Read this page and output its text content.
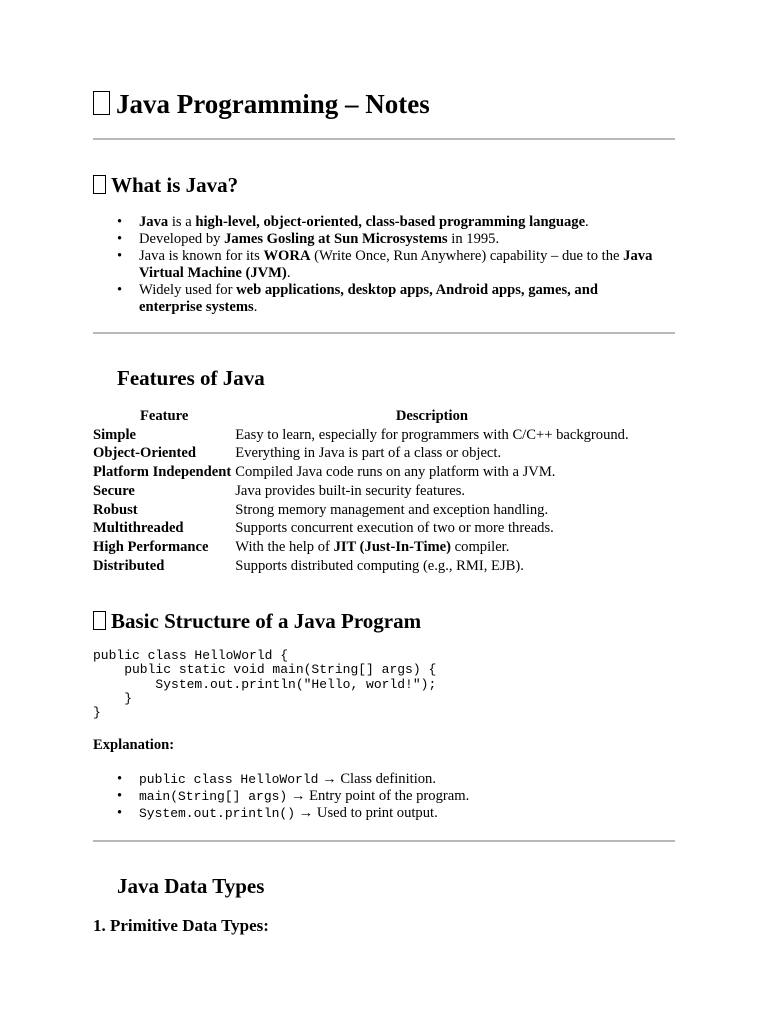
Java Programming – Notes
What is Java?
• Java is a high-level, object-oriented, class-based programming language.
• Developed by James Gosling at Sun Microsystems in 1995.
• Java is known for its WORA (Write Once, Run Anywhere) capability – due to the Java Virtual Machine (JVM).
• Widely used for web applications, desktop apps, Android apps, games, and enterprise systems.
Features of Java
Feature	Description
Simple	Easy to learn, especially for programmers with C/C++ background.
Object-Oriented	Everything in Java is part of a class or object.
Platform Independent	Compiled Java code runs on any platform with a JVM.
Secure	Java provides built-in security features.
Robust	Strong memory management and exception handling.
Multithreaded	Supports concurrent execution of two or more threads.
High Performance	With the help of JIT (Just-In-Time) compiler.
Distributed	Supports distributed computing (e.g., RMI, EJB).
Basic Structure of a Java Program
public class HelloWorld {
public static void main(String[] args) {
System.out.println("Hello, world!");
}
}
Explanation:
• public class HelloWorld → Class definition.
• main(String[] args) → Entry point of the program.
• System.out.println() → Used to print output.
Java Data Types
1. Primitive Data Types:
